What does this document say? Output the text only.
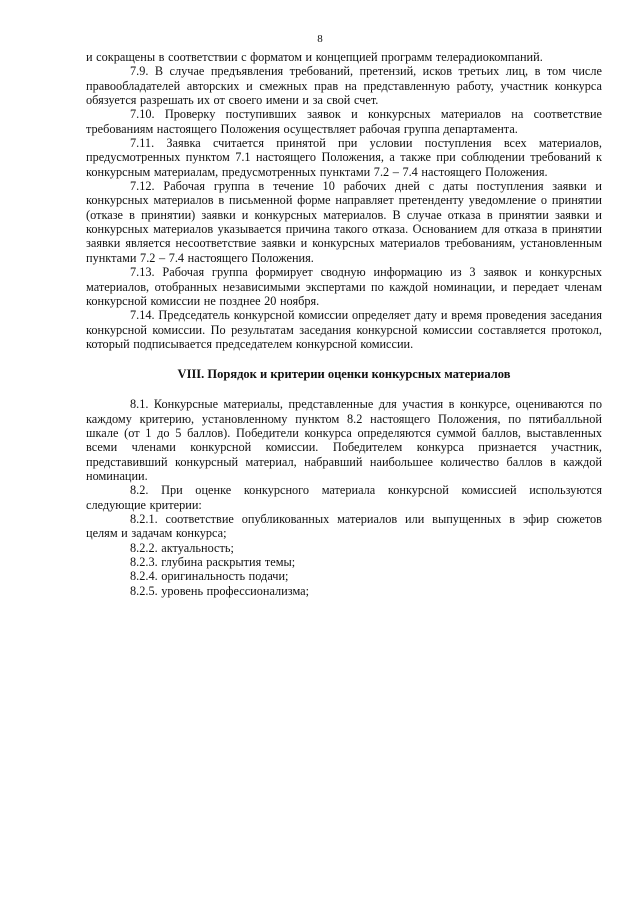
8

и сокращены в соответствии с форматом и концепцией программ телерадиокомпаний.

7.9. В случае предъявления требований, претензий, исков третьих лиц, в том числе правообладателей авторских и смежных прав на представленную работу, участник конкурса обязуется разрешать их от своего имени и за свой счет.

7.10. Проверку поступивших заявок и конкурсных материалов на соответствие требованиям настоящего Положения осуществляет рабочая группа департамента.

7.11. Заявка считается принятой при условии поступления всех материалов, предусмотренных пунктом 7.1 настоящего Положения, а также при соблюдении требований к конкурсным материалам, предусмотренных пунктами 7.2 – 7.4 настоящего Положения.

7.12. Рабочая группа в течение 10 рабочих дней с даты поступления заявки и конкурсных материалов в письменной форме направляет претенденту уведомление о принятии (отказе в принятии) заявки и конкурсных материалов. В случае отказа в принятии заявки и конкурсных материалов указывается причина такого отказа. Основанием для отказа в принятии заявки является несоответствие заявки и конкурсных материалов требованиям, установленным пунктами 7.2 – 7.4 настоящего Положения.

7.13. Рабочая группа формирует сводную информацию из 3 заявок и конкурсных материалов, отобранных независимыми экспертами по каждой номинации, и передает членам конкурсной комиссии не позднее 20 ноября.

7.14. Председатель конкурсной комиссии определяет дату и время проведения заседания конкурсной комиссии. По результатам заседания конкурсной комиссии составляется протокол, который подписывается председателем конкурсной комиссии.

VIII. Порядок и критерии оценки конкурсных материалов

8.1. Конкурсные материалы, представленные для участия в конкурсе, оцениваются по каждому критерию, установленному пунктом 8.2 настоящего Положения, по пятибалльной шкале (от 1 до 5 баллов). Победители конкурса определяются суммой баллов, выставленных всеми членами конкурсной комиссии. Победителем конкурса признается участник, представивший конкурсный материал, набравший наибольшее количество баллов в каждой номинации.

8.2. При оценке конкурсного материала конкурсной комиссией используются следующие критерии:

8.2.1. соответствие опубликованных материалов или выпущенных в эфир сюжетов целям и задачам конкурса;

8.2.2. актуальность;

8.2.3. глубина раскрытия темы;

8.2.4. оригинальность подачи;

8.2.5. уровень профессионализма;
